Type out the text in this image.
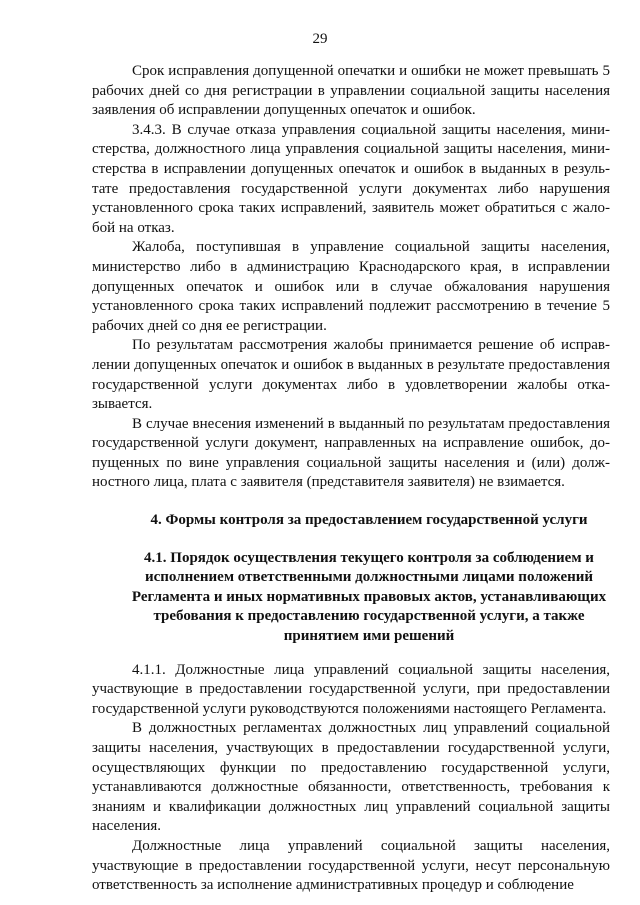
29

Срок исправления допущенной опечатки и ошибки не может превышать 5 рабочих дней со дня регистрации в управлении социальной защиты населения заявления об исправлении допущенных опечаток и ошибок.

3.4.3. В случае отказа управления социальной защиты населения, министерства, должностного лица управления социальной защиты населения, министерства в исправлении допущенных опечаток и ошибок в выданных в результате предоставления государственной услуги документах либо нарушения установленного срока таких исправлений, заявитель может обратиться с жалобой на отказ.

Жалоба, поступившая в управление социальной защиты населения, министерство либо в администрацию Краснодарского края, в исправлении допущенных опечаток и ошибок или в случае обжалования нарушения установленного срока таких исправлений подлежит рассмотрению в течение 5 рабочих дней со дня ее регистрации.

По результатам рассмотрения жалобы принимается решение об исправлении допущенных опечаток и ошибок в выданных в результате предоставления государственной услуги документах либо в удовлетворении жалобы отказывается.

В случае внесения изменений в выданный по результатам предоставления государственной услуги документ, направленных на исправление ошибок, допущенных по вине управления социальной защиты населения и (или) должностного лица, плата с заявителя (представителя заявителя) не взимается.

4. Формы контроля за предоставлением государственной услуги
4.1. Порядок осуществления текущего контроля за соблюдением и исполнением ответственными должностными лицами положений Регламента и иных нормативных правовых актов, устанавливающих требования к предоставлению государственной услуги, а также принятием ими решений

4.1.1. Должностные лица управлений социальной защиты населения, участвующие в предоставлении государственной услуги, при предоставлении государственной услуги руководствуются положениями настоящего Регламента.

В должностных регламентах должностных лиц управлений социальной защиты населения, участвующих в предоставлении государственной услуги, осуществляющих функции по предоставлению государственной услуги, устанавливаются должностные обязанности, ответственность, требования к знаниям и квалификации должностных лиц управлений социальной защиты населения.

Должностные лица управлений социальной защиты населения, участвующие в предоставлении государственной услуги, несут персональную ответственность за исполнение административных процедур и соблюдение
